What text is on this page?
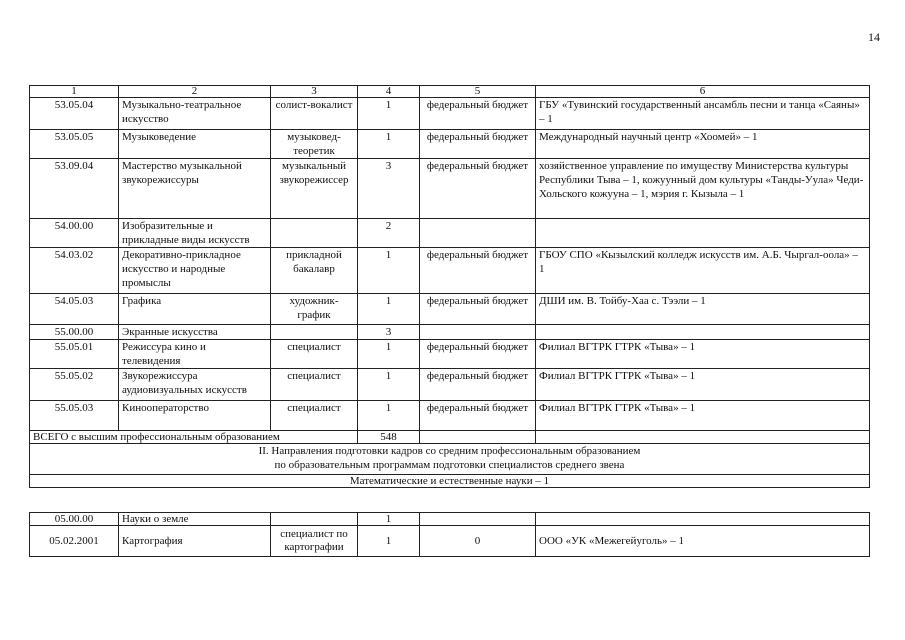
14
1	2	3	4	5	6
53.05.04	Музыкально-театральное искусство	солист-вокалист	1	федеральный бюджет	ГБУ «Тувинский государственный ансамбль песни и танца «Саяны» – 1
53.05.05	Музыковедение	музыковед-теоретик	1	федеральный бюджет	Международный научный центр «Хоомей» – 1
53.09.04	Мастерство музыкальной звукорежиссуры	музыкальный звукорежиссер	3	федеральный бюджет	хозяйственное управление по имуществу Министерства культуры Республики Тыва – 1, кожуунный дом культуры «Танды-Уула» Чеди-Хольского кожууна – 1, мэрия г. Кызыла – 1
54.00.00	Изобразительные и прикладные виды искусств		2		
54.03.02	Декоративно-прикладное искусство и народные промыслы	прикладной бакалавр	1	федеральный бюджет	ГБОУ СПО «Кызылский колледж искусств им. А.Б. Чыргал-оола» – 1
54.05.03	Графика	художник-график	1	федеральный бюджет	ДШИ им. В. Тойбу-Хаа с. Тээли – 1
55.00.00	Экранные искусства		3		
55.05.01	Режиссура кино и телевидения	специалист	1	федеральный бюджет	Филиал ВГТРК ГТРК «Тыва» – 1
55.05.02	Звукорежиссура аудиовизуальных искусств	специалист	1	федеральный бюджет	Филиал ВГТРК ГТРК «Тыва» – 1
55.05.03	Кинооператорство	специалист	1	федеральный бюджет	Филиал ВГТРК ГТРК «Тыва» – 1
ВСЕГО с высшим профессиональным образованием			548		

II. Направления подготовки кадров со средним профессиональным образованием
по образовательным программам подготовки специалистов среднего звена					

Математические и естественные науки – 1					
05.00.00	Науки о земле		1		
05.02.2001	Картография	специалист по картографии	1	0	ООО «УК «Межегейуголь» – 1
